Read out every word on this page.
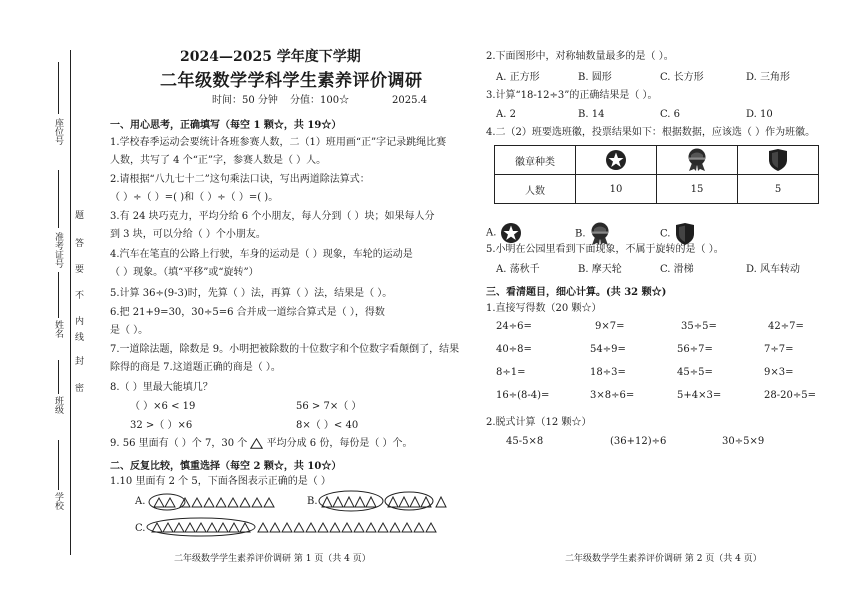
座位号
准考证号
姓名
班级
学校
题
答
要
不
内
线
封
密
2024—2025 学年度下学期
二年级数学学科学生素养评价调研
时间：50 分钟 分值：100☆	2025.4
一、用心思考，正确填写（每空 1 颗☆，共 19☆）
1.学校春季运动会要统计各班参赛人数，二（1）班用画“正”字记录跳绳比赛
人数，共写了 4 个“正”字，参赛人数是（ ）人。
2.请根据“八九七十二”这句乘法口诀，写出两道除法算式：
（ ）÷（ ）=( )和（ ）÷（ ）=( )。
3.有 24 块巧克力，平均分给 6 个小朋友，每人分到（ ）块；如果每人分
到 3 块，可以分给（ ）个小朋友。
4.汽车在笔直的公路上行驶，车身的运动是（ ）现象，车轮的运动是
（ ）现象。（填“平移”或“旋转”）
5.计算 36÷(9-3)时，先算（ ）法，再算（ ）法，结果是（ ）。
6.把 21+9=30，30÷5=6 合并成一道综合算式是（ ），得数
是（ ）。
7.一道除法题，除数是 9。小明把被除数的十位数字和个位数字看颠倒了，结果
除得的商是 7.这道题正确的商是（ ）。
8.（ ）里最大能填几？
（ ）×6 < 19	56 > 7×（ ）
32 >（ ）×6	8×（ ）< 40
9. 56 里面有（ ）个 7，30 个 平均分成 6 份，每份是（ ）个。
二、反复比较，慎重选择（每空 2 颗☆，共 10☆）
1.10 里面有 2 个 5，下面各图表示正确的是（ ）
A.	B.
C.
2.下面图形中，对称轴数量最多的是（ ）。
A. 正方形	B. 圆形	C. 长方形	D. 三角形
3.计算“18-12÷3”的正确结果是（ ）。
A. 2	B. 14	C. 6	D. 10
4.二（2）班要选班徽，投票结果如下：根据数据，应该选（ ）作为班徽。
徽章种类			
人数	10	15	5
A.	B.	C.
5.小明在公园里看到下面现象，不属于旋转的是（ ）。
A. 荡秋千	B. 摩天轮	C. 滑梯	D. 风车转动
三、看清题目，细心计算。(共 32 颗☆)
1.直接写得数（20 颗☆）
24÷6=	9×7=	35÷5=	42÷7=
40÷8=	54÷9=	56÷7=	7÷7=
8÷1=	18÷3=	45÷5=	9×3=
16÷(8-4)=	3×8÷6=	5+4×3=	28-20÷5=
2.脱式计算（12 颗☆）
45-5×8	(36+12)÷6	30÷5×9
二年级数学学生素养评价调研 第 1 页（共 4 页）	二年级数学学生素养评价调研 第 2 页（共 4 页）
